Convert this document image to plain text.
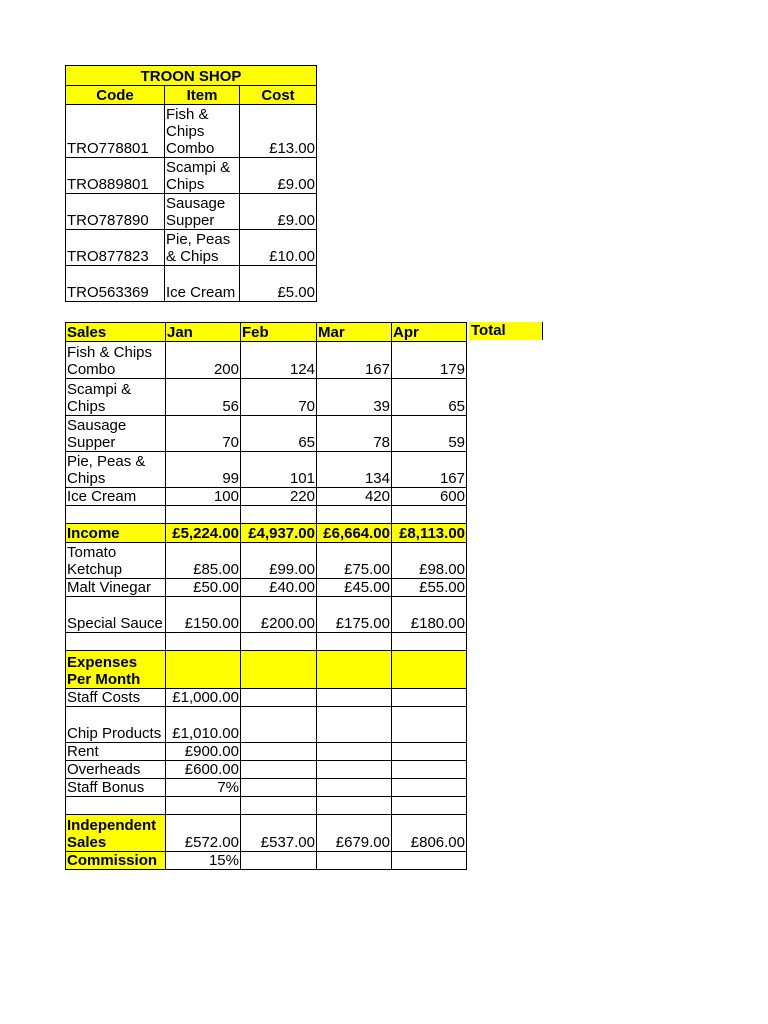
TROON SHOP		
Code	Item	Cost
TRO778801	Fish & Chips Combo	£13.00
TRO889801	Scampi & Chips	£9.00
TRO787890	Sausage Supper	£9.00
TRO877823	Pie, Peas & Chips	£10.00
TRO563369	Ice Cream	£5.00
Sales	Jan	Feb	Mar	Apr
Fish & Chips Combo	200	124	167	179
Scampi & Chips	56	70	39	65
Sausage Supper	70	65	78	59
Pie, Peas & Chips	99	101	134	167
Ice Cream	100	220	420	600

Income	£5,224.00	£4,937.00	£6,664.00	£8,113.00
Tomato Ketchup	£85.00	£99.00	£75.00	£98.00
Malt Vinegar	£50.00	£40.00	£45.00	£55.00
Special Sauce	£150.00	£200.00	£175.00	£180.00

Expenses Per Month				
Staff Costs	£1,000.00			
Chip Products	£1,010.00			
Rent	£900.00			
Overheads	£600.00			
Staff Bonus	7%			

Independent Sales	£572.00	£537.00	£679.00	£806.00
Commission	15%			
Total
